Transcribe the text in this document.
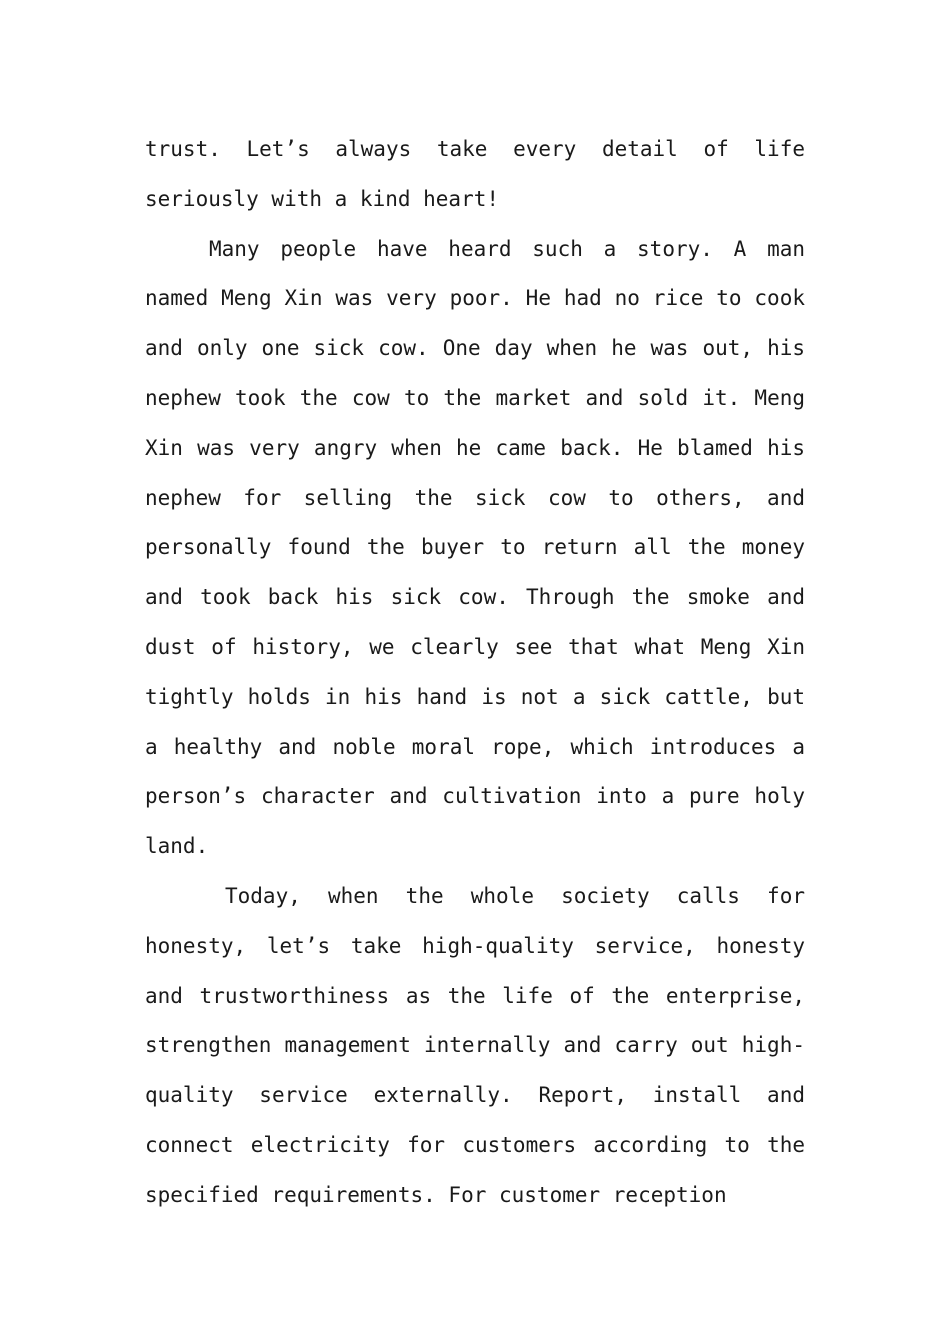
trust. Let’s always take every detail of life seriously with a kind heart!

Many people have heard such a story. A man named Meng Xin was very poor. He had no rice to cook and only one sick cow. One day when he was out, his nephew took the cow to the market and sold it. Meng Xin was very angry when he came back. He blamed his nephew for selling the sick cow to others, and personally found the buyer to return all the money and took back his sick cow. Through the smoke and dust of history, we clearly see that what Meng Xin tightly holds in his hand is not a sick cattle, but a healthy and noble moral rope, which introduces a person’s character and cultivation into a pure holy land.

Today, when the whole society calls for honesty, let’s take high-quality service, honesty and trustworthiness as the life of the enterprise, strengthen management internally and carry out high-quality service externally. Report, install and connect electricity for customers according to the specified requirements. For customer reception
